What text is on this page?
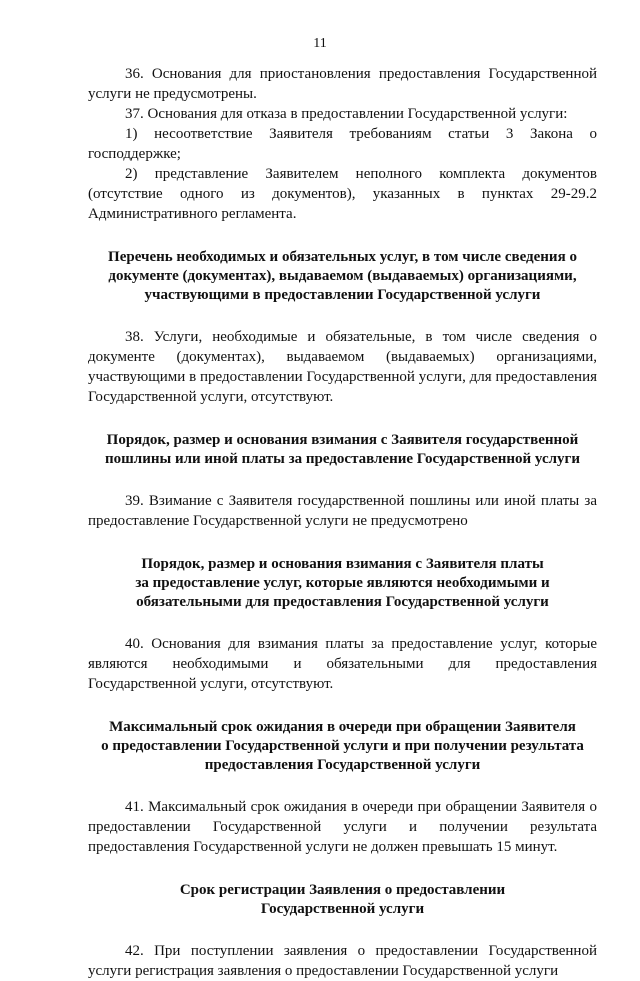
11

36. Основания для приостановления предоставления Государственной услуги не предусмотрены.

37. Основания для отказа в предоставлении Государственной услуги:

1) несоответствие Заявителя требованиям статьи 3 Закона о господдержке;

2) представление Заявителем неполного комплекта документов (отсутствие одного из документов), указанных в пунктах 29-29.2 Административного регламента.

Перечень необходимых и обязательных услуг, в том числе сведения о
документе (документах), выдаваемом (выдаваемых) организациями,
участвующими в предоставлении Государственной услуги

38. Услуги, необходимые и обязательные, в том числе сведения о документе (документах), выдаваемом (выдаваемых) организациями, участвующими в предоставлении Государственной услуги, для предоставления Государственной услуги, отсутствуют.

Порядок, размер и основания взимания с Заявителя государственной
пошлины или иной платы за предоставление Государственной услуги

39. Взимание с Заявителя государственной пошлины или иной платы за предоставление Государственной услуги не предусмотрено

Порядок, размер и основания взимания с Заявителя платы
за предоставление услуг, которые являются необходимыми и
обязательными для предоставления Государственной услуги

40. Основания для взимания платы за предоставление услуг, которые являются необходимыми и обязательными для предоставления Государственной услуги, отсутствуют.

Максимальный срок ожидания в очереди при обращении Заявителя
о предоставлении Государственной услуги и при получении результата
предоставления Государственной услуги

41. Максимальный срок ожидания в очереди при обращении Заявителя о предоставлении Государственной услуги и получении результата предоставления Государственной услуги не должен превышать 15 минут.

Срок регистрации Заявления о предоставлении
Государственной услуги

42. При поступлении заявления о предоставлении Государственной услуги регистрация заявления о предоставлении Государственной услуги
